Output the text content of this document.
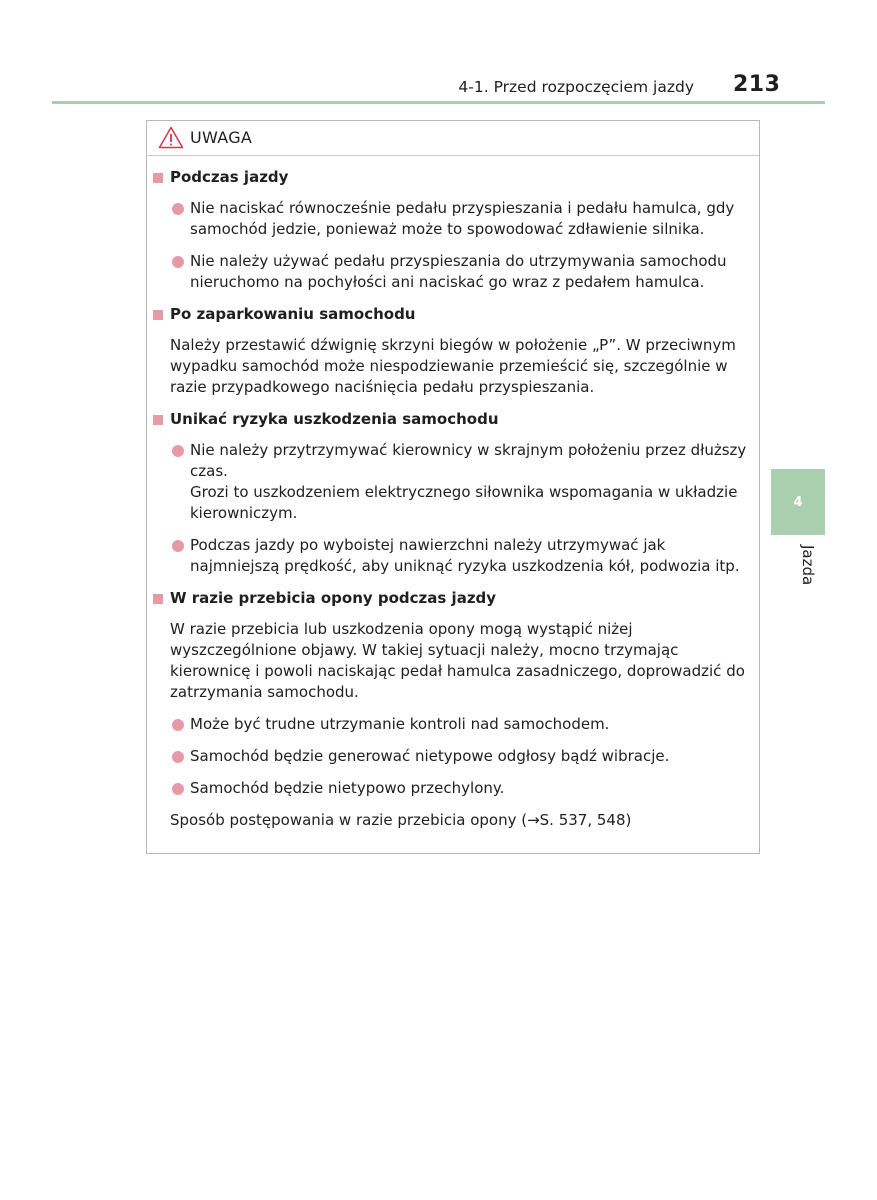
4-1. Przed rozpoczęciem jazdy 213
4
Jazda
UWAGA
Podczas jazdy
Nie naciskać równocześnie pedału przyspieszania i pedału hamulca, gdy samochód jedzie, ponieważ może to spowodować zdławienie silnika.
Nie należy używać pedału przyspieszania do utrzymywania samochodu nieruchomo na pochyłości ani naciskać go wraz z pedałem hamulca.
Po zaparkowaniu samochodu
Należy przestawić dźwignię skrzyni biegów w położenie „P”. W przeciwnym wypadku samochód może niespodziewanie przemieścić się, szczególnie w razie przypadkowego naciśnięcia pedału przyspieszania.
Unikać ryzyka uszkodzenia samochodu
Nie należy przytrzymywać kierownicy w skrajnym położeniu przez dłuższy czas.
Grozi to uszkodzeniem elektrycznego siłownika wspomagania w układzie kierowniczym.
Podczas jazdy po wyboistej nawierzchni należy utrzymywać jak najmniejszą prędkość, aby uniknąć ryzyka uszkodzenia kół, podwozia itp.
W razie przebicia opony podczas jazdy
W razie przebicia lub uszkodzenia opony mogą wystąpić niżej wyszczególnione objawy. W takiej sytuacji należy, mocno trzymając kierownicę i powoli naciskając pedał hamulca zasadniczego, doprowadzić do zatrzymania samochodu.
Może być trudne utrzymanie kontroli nad samochodem.
Samochód będzie generować nietypowe odgłosy bądź wibracje.
Samochód będzie nietypowo przechylony.
Sposób postępowania w razie przebicia opony (→S. 537, 548)
